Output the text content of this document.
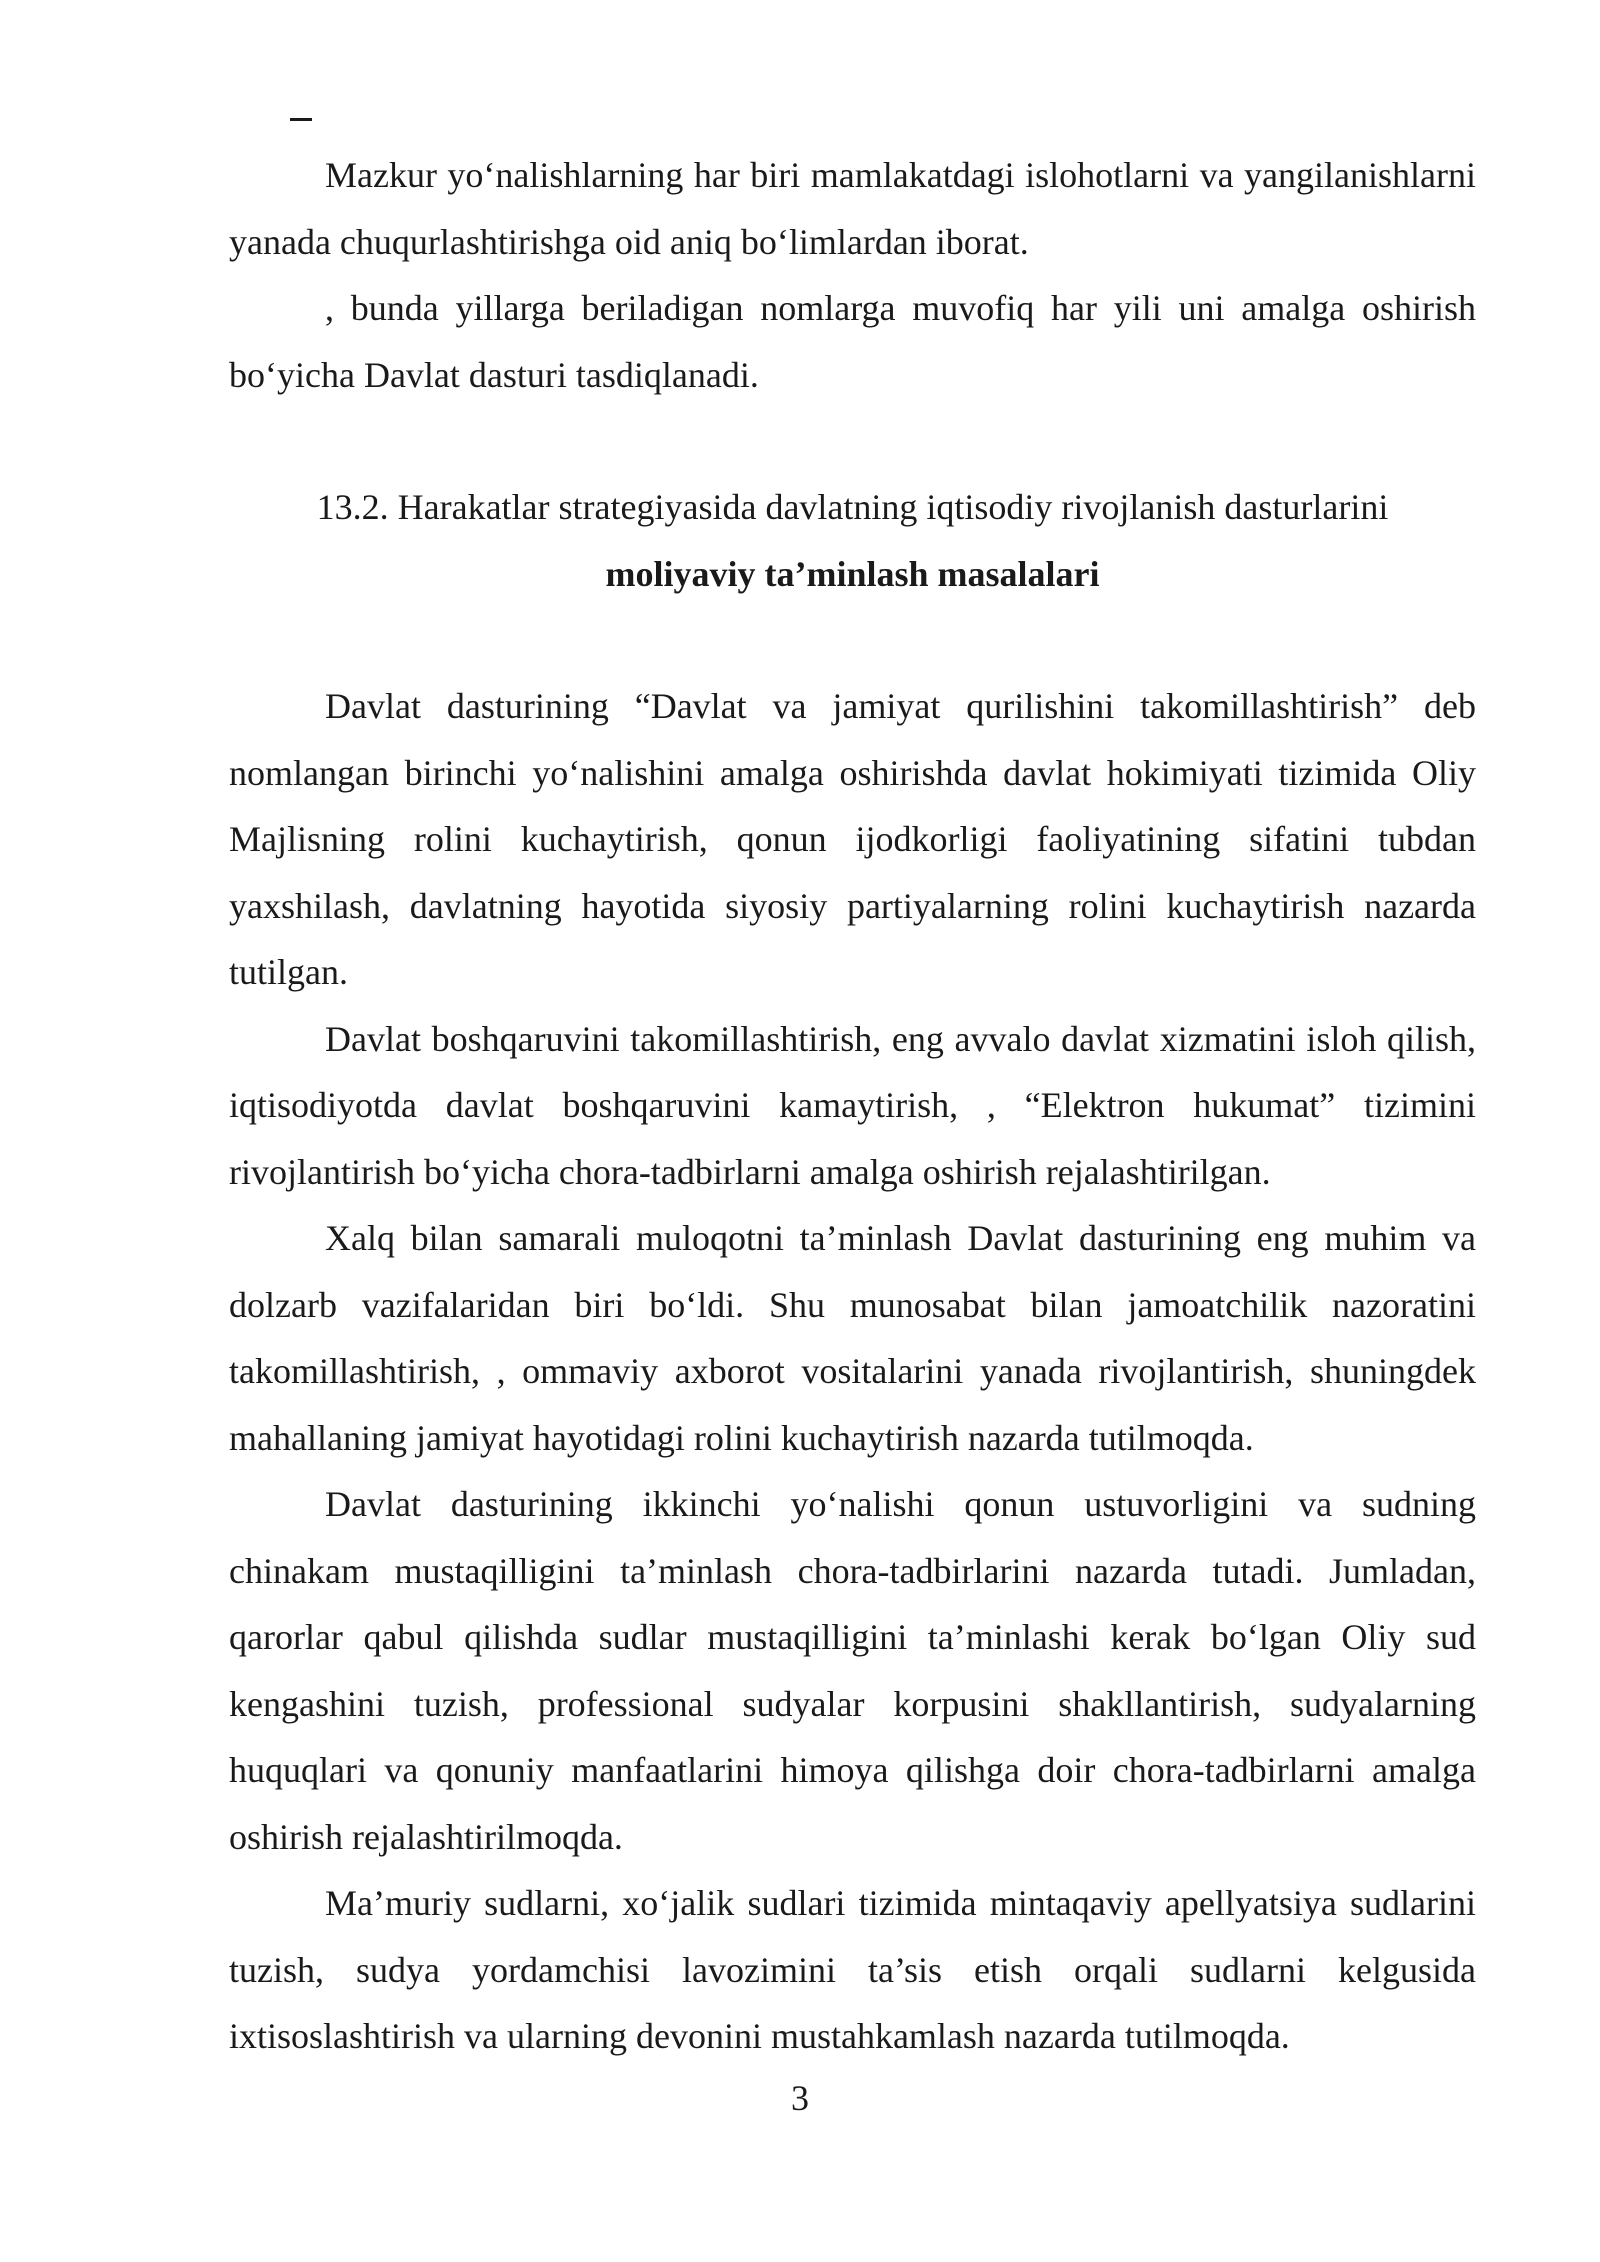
Mazkur yo‘nalishlarning har biri mamlakatdagi islohotlarni va yangilanishlarni yanada chuqurlashtirishga oid aniq bo‘limlardan iborat.

, bunda yillarga beriladigan nomlarga muvofiq har yili uni amalga oshirish bo‘yicha Davlat dasturi tasdiqlanadi.

13.2. Harakatlar strategiyasida davlatning iqtisodiy rivojlanish dasturlarini

moliyaviy ta’minlash masalalari

Davlat dasturining “Davlat va jamiyat qurilishini takomillashtirish” deb nomlangan birinchi yo‘nalishini amalga oshirishda davlat hokimiyati tizimida Oliy Majlisning rolini kuchaytirish, qonun ijodkorligi faoliyatining sifatini tubdan yaxshilash, davlatning hayotida siyosiy partiyalarning rolini kuchaytirish nazarda tutilgan.

Davlat boshqaruvini takomillashtirish, eng avvalo davlat xizmatini isloh qilish, iqtisodiyotda davlat boshqaruvini kamaytirish, , “Elektron hukumat” tizimini rivojlantirish bo‘yicha chora-tadbirlarni amalga oshirish rejalashtirilgan.

Xalq bilan samarali muloqotni ta’minlash Davlat dasturining eng muhim va dolzarb vazifalaridan biri bo‘ldi. Shu munosabat bilan jamoatchilik nazoratini takomillashtirish, , ommaviy axborot vositalarini yanada rivojlantirish, shuningdek mahallaning jamiyat hayotidagi rolini kuchaytirish nazarda tutilmoqda.

Davlat dasturining ikkinchi yo‘nalishi qonun ustuvorligini va sudning chinakam mustaqilligini ta’minlash chora-tadbirlarini nazarda tutadi. Jumladan, qarorlar qabul qilishda sudlar mustaqilligini ta’minlashi kerak bo‘lgan Oliy sud kengashini tuzish, professional sudyalar korpusini shakllantirish, sudyalarning huquqlari va qonuniy manfaatlarini himoya qilishga doir chora-tadbirlarni amalga oshirish rejalashtirilmoqda.

Ma’muriy sudlarni, xo‘jalik sudlari tizimida mintaqaviy apellyatsiya sudlarini tuzish, sudya yordamchisi lavozimini ta’sis etish orqali sudlarni kelgusida ixtisoslashtirish va ularning devonini mustahkamlash nazarda tutilmoqda.

3
